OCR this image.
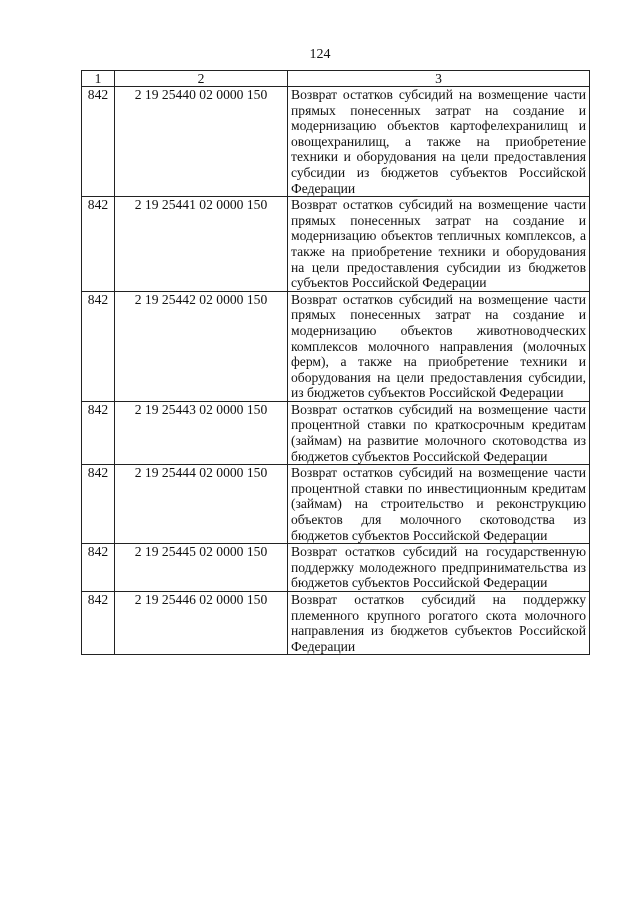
124
1	2	3
842	2 19 25440 02 0000 150	Возврат остатков субсидий на возмещение части прямых понесенных затрат на создание и модернизацию объектов картофелехранилищ и овощехранилищ, а также на приобретение техники и оборудования на цели предоставления субсидии из бюджетов субъектов Российской Федерации

842	2 19 25441 02 0000 150	Возврат остатков субсидий на возмещение части прямых понесенных затрат на создание и модернизацию объектов тепличных комплексов, а также на приобретение техники и оборудования на цели предоставления субсидии из бюджетов субъектов Российской Федерации

842	2 19 25442 02 0000 150	Возврат остатков субсидий на возмещение части прямых понесенных затрат на создание и модернизацию объектов животноводческих комплексов молочного направления (молочных ферм), а также на приобретение техники и оборудования на цели предоставления субсидии, из бюджетов субъектов Российской Федерации

842	2 19 25443 02 0000 150	Возврат остатков субсидий на возмещение части процентной ставки по краткосрочным кредитам (займам) на развитие молочного скотоводства из бюджетов субъектов Российской Федерации

842	2 19 25444 02 0000 150	Возврат остатков субсидий на возмещение части процентной ставки по инвестиционным кредитам (займам) на строительство и реконструкцию объектов для молочного скотоводства из бюджетов субъектов Российской Федерации

842	2 19 25445 02 0000 150	Возврат остатков субсидий на государственную поддержку молодежного предпринимательства из бюджетов субъектов Российской Федерации

842	2 19 25446 02 0000 150	Возврат остатков субсидий на поддержку племенного крупного рогатого скота молочного направления из бюджетов субъектов Российской Федерации
